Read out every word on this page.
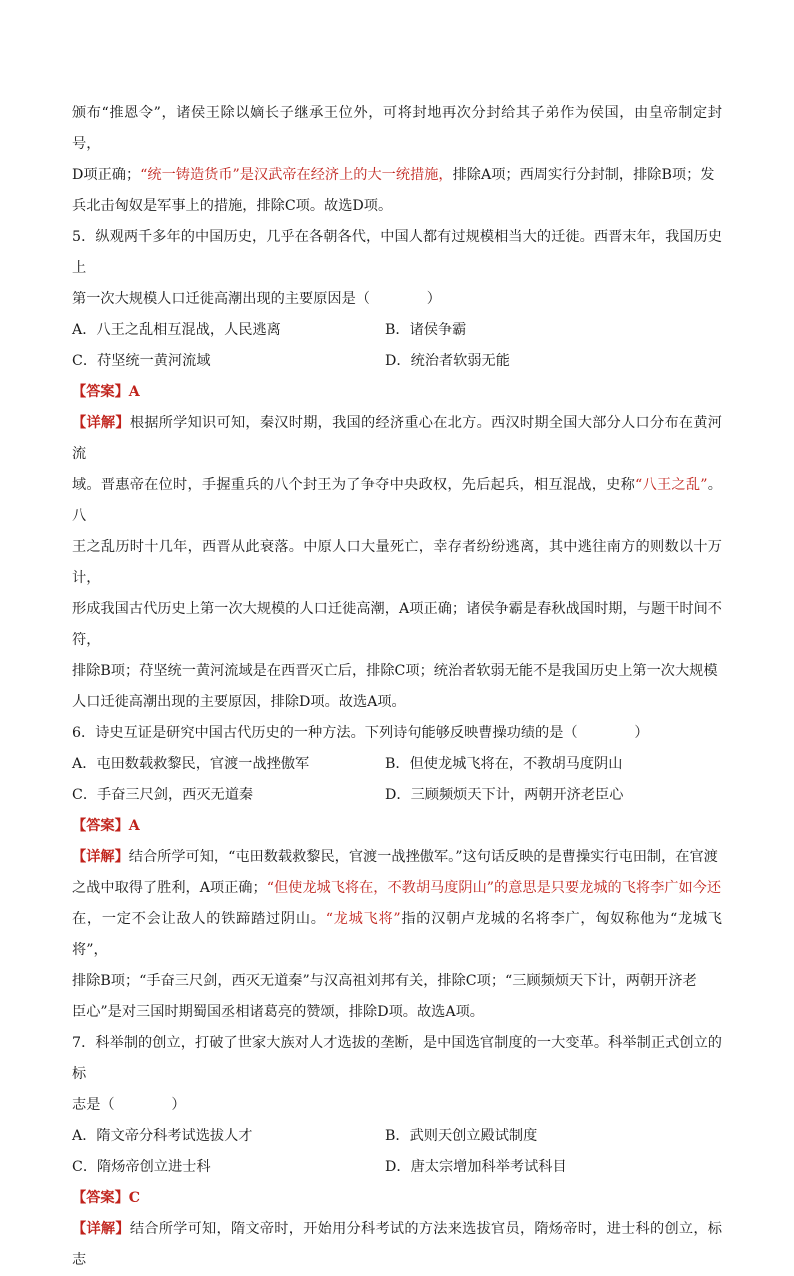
颁布“推恩令”，诸侯王除以嫡长子继承王位外，可将封地再次分封给其子弟作为侯国，由皇帝制定封号，

D项正确；“统一铸造货币”是汉武帝在经济上的大一统措施，排除A项；西周实行分封制，排除B项；发

兵北击匈奴是军事上的措施，排除C项。故选D项。

5．纵观两千多年的中国历史，几乎在各朝各代，中国人都有过规模相当大的迁徙。西晋末年，我国历史上

第一次大规模人口迁徙高潮出现的主要原因是（　　　　）

A．八王之乱相互混战，人民逃离	B．诸侯争霸
C．苻坚统一黄河流域	D．统治者软弱无能

【答案】A

【详解】根据所学知识可知，秦汉时期，我国的经济重心在北方。西汉时期全国大部分人口分布在黄河流

域。晋惠帝在位时，手握重兵的八个封王为了争夺中央政权，先后起兵，相互混战，史称“八王之乱”。八

王之乱历时十几年，西晋从此衰落。中原人口大量死亡，幸存者纷纷逃离，其中逃往南方的则数以十万计，

形成我国古代历史上第一次大规模的人口迁徙高潮，A项正确；诸侯争霸是春秋战国时期，与题干时间不符，

排除B项；苻坚统一黄河流域是在西晋灭亡后，排除C项；统治者软弱无能不是我国历史上第一次大规模

人口迁徙高潮出现的主要原因，排除D项。故选A项。

6．诗史互证是研究中国古代历史的一种方法。下列诗句能够反映曹操功绩的是（　　　　）

A．屯田数载救黎民，官渡一战挫傲军	B．但使龙城飞将在，不教胡马度阴山
C．手奋三尺剑，西灭无道秦	D．三顾频烦天下计，两朝开济老臣心

【答案】A

【详解】结合所学可知，“屯田数载救黎民，官渡一战挫傲军。”这句话反映的是曹操实行屯田制，在官渡

之战中取得了胜利，A项正确；“但使龙城飞将在，不教胡马度阴山”的意思是只要龙城的飞将李广如今还

在，一定不会让敌人的铁蹄踏过阴山。“龙城飞将”指的汉朝卢龙城的名将李广，匈奴称他为“龙城飞将”，

排除B项；“手奋三尺剑，西灭无道秦”与汉高祖刘邦有关，排除C项；“三顾频烦天下计，两朝开济老

臣心”是对三国时期蜀国丞相诸葛亮的赞颂，排除D项。故选A项。

7．科举制的创立，打破了世家大族对人才选拔的垄断，是中国选官制度的一大变革。科举制正式创立的标

志是（　　　　）

A．隋文帝分科考试选拔人才	B．武则天创立殿试制度
C．隋炀帝创立进士科	D．唐太宗增加科举考试科目

【答案】C

【详解】结合所学可知，隋文帝时，开始用分科考试的方法来选拔官员，隋炀帝时，进士科的创立，标志
